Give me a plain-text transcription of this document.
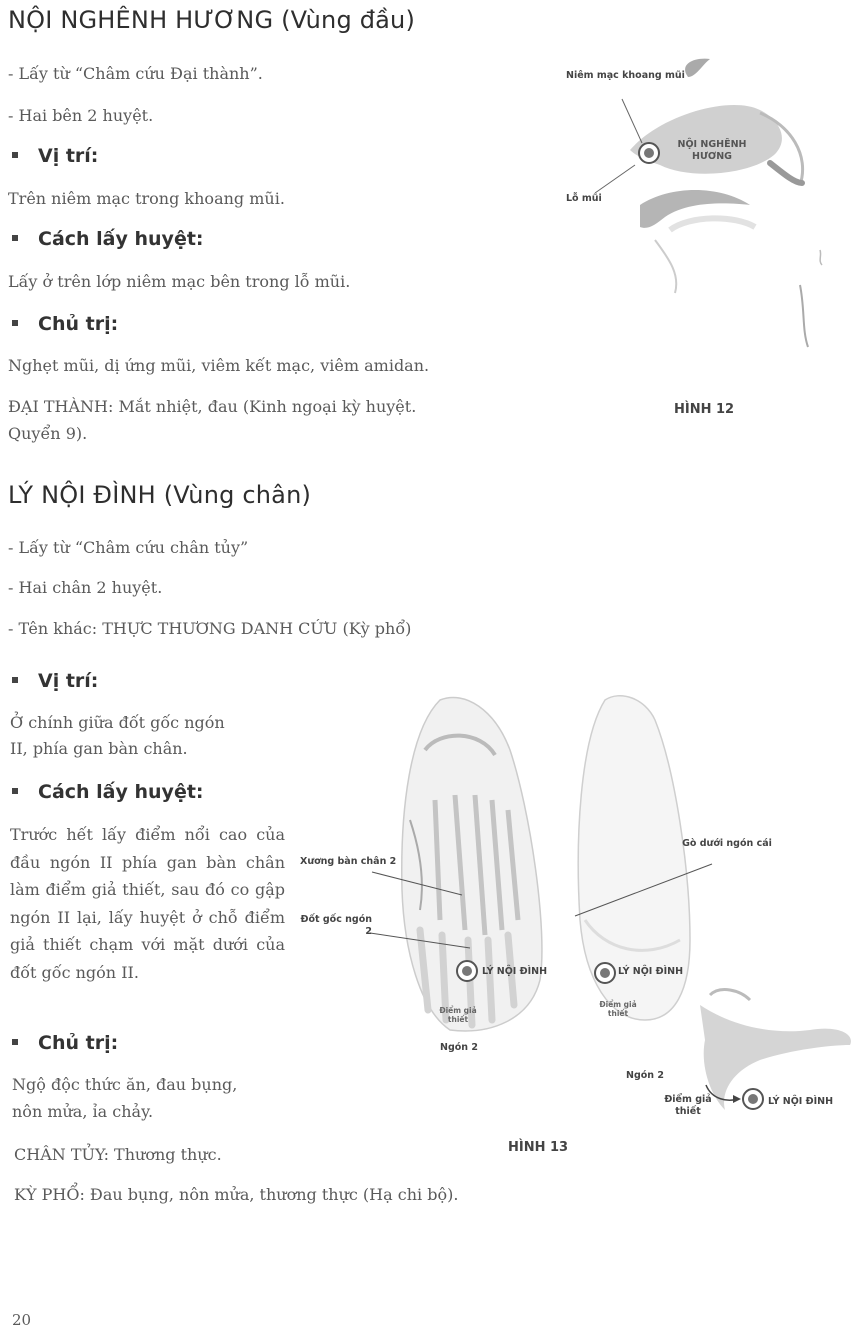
NỘI NGHÊNH HƯƠNG (Vùng đầu)
- Lấy từ “Châm cứu Đại thành”.
- Hai bên 2 huyệt.
Vị trí:
Trên niêm mạc trong khoang mũi.
Cách lấy huyệt:
Lấy ở trên lớp niêm mạc bên trong lỗ mũi.
Chủ trị:
Nghẹt mũi, dị ứng mũi, viêm kết mạc, viêm amidan.
ĐẠI THÀNH: Mắt nhiệt, đau (Kinh ngoại kỳ huyệt.
Quyển 9).
Niêm mạc khoang mũi
NỘI NGHÊNH HƯƠNG
Lỗ mũi
HÌNH 12
LÝ NỘI ĐÌNH (Vùng chân)
- Lấy từ “Châm cứu chân tủy”
- Hai chân 2 huyệt.
- Tên khác: THỰC THƯƠNG DANH CỨU (Kỳ phổ)
Vị trí:
Ở chính giữa đốt gốc ngón
II, phía gan bàn chân.
Cách lấy huyệt:
Trước hết lấy điểm nổi cao của đầu ngón II phía gan bàn chân làm điểm giả thiết, sau đó co gập ngón II lại, lấy huyệt ở chỗ điểm giả thiết chạm với mặt dưới của đốt gốc ngón II.
Chủ trị:
Ngộ độc thức ăn, đau bụng,
nôn mửa, ỉa chảy.
CHÂN TỦY: Thương thực.
KỲ PHỔ: Đau bụng, nôn mửa, thương thực (Hạ chi bộ).
Xương bàn chân 2
Đốt gốc ngón 2
Gò dưới ngón cái
LÝ NỘI ĐÌNH
Điểm giả thiết
Ngón 2
LÝ NỘI ĐÌNH
Điểm giả thiết
Ngón 2
Điểm giả thiết
LÝ NỘI ĐÌNH
HÌNH 13
20
